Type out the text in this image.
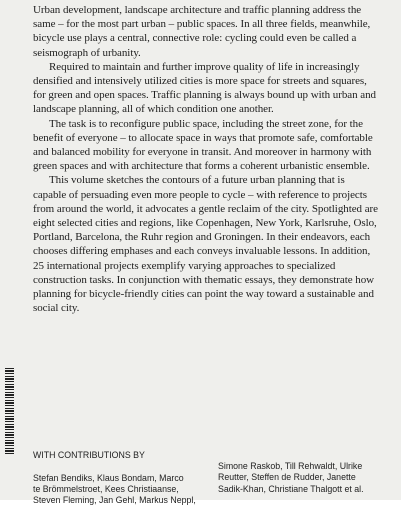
Urban development, landscape architecture and traffic planning address the same – for the most part urban – public spaces. In all three fields, meanwhile, bicycle use plays a central, connective role: cycling could even be called a seismograph of urbanity.

Required to maintain and further improve quality of life in increasingly densified and intensively utilized cities is more space for streets and squares, for green and open spaces. Traffic planning is always bound up with urban and landscape planning, all of which condition one another.

The task is to reconfigure public space, including the street zone, for the benefit of everyone – to allocate space in ways that promote safe, comfortable and balanced mobility for everyone in transit. And moreover in harmony with green spaces and with architecture that forms a coherent urbanistic ensemble.

This volume sketches the contours of a future urban planning that is capable of persuading even more people to cycle – with reference to projects from around the world, it advocates a gentle reclaim of the city. Spotlighted are eight selected cities and regions, like Copenhagen, New York, Karlsruhe, Oslo, Portland, Barcelona, the Ruhr region and Groningen. In their endeavors, each chooses differing emphases and each conveys invaluable lessons. In addition, 25 international projects exemplify varying approaches to specialized construction tasks. In conjunction with thematic essays, they demonstrate how planning for bicycle-friendly cities can point the way toward a sustainable and social city.

WITH CONTRIBUTIONS BY

Stefan Bendiks, Klaus Bondam, Marco
te Brömmelstroet, Kees Christiaanse,
Steven Fleming, Jan Gehl, Markus Neppl,

Simone Raskob, Till Rehwaldt, Ulrike
Reutter, Steffen de Rudder, Janette
Sadik-Khan, Christiane Thalgott et al.
